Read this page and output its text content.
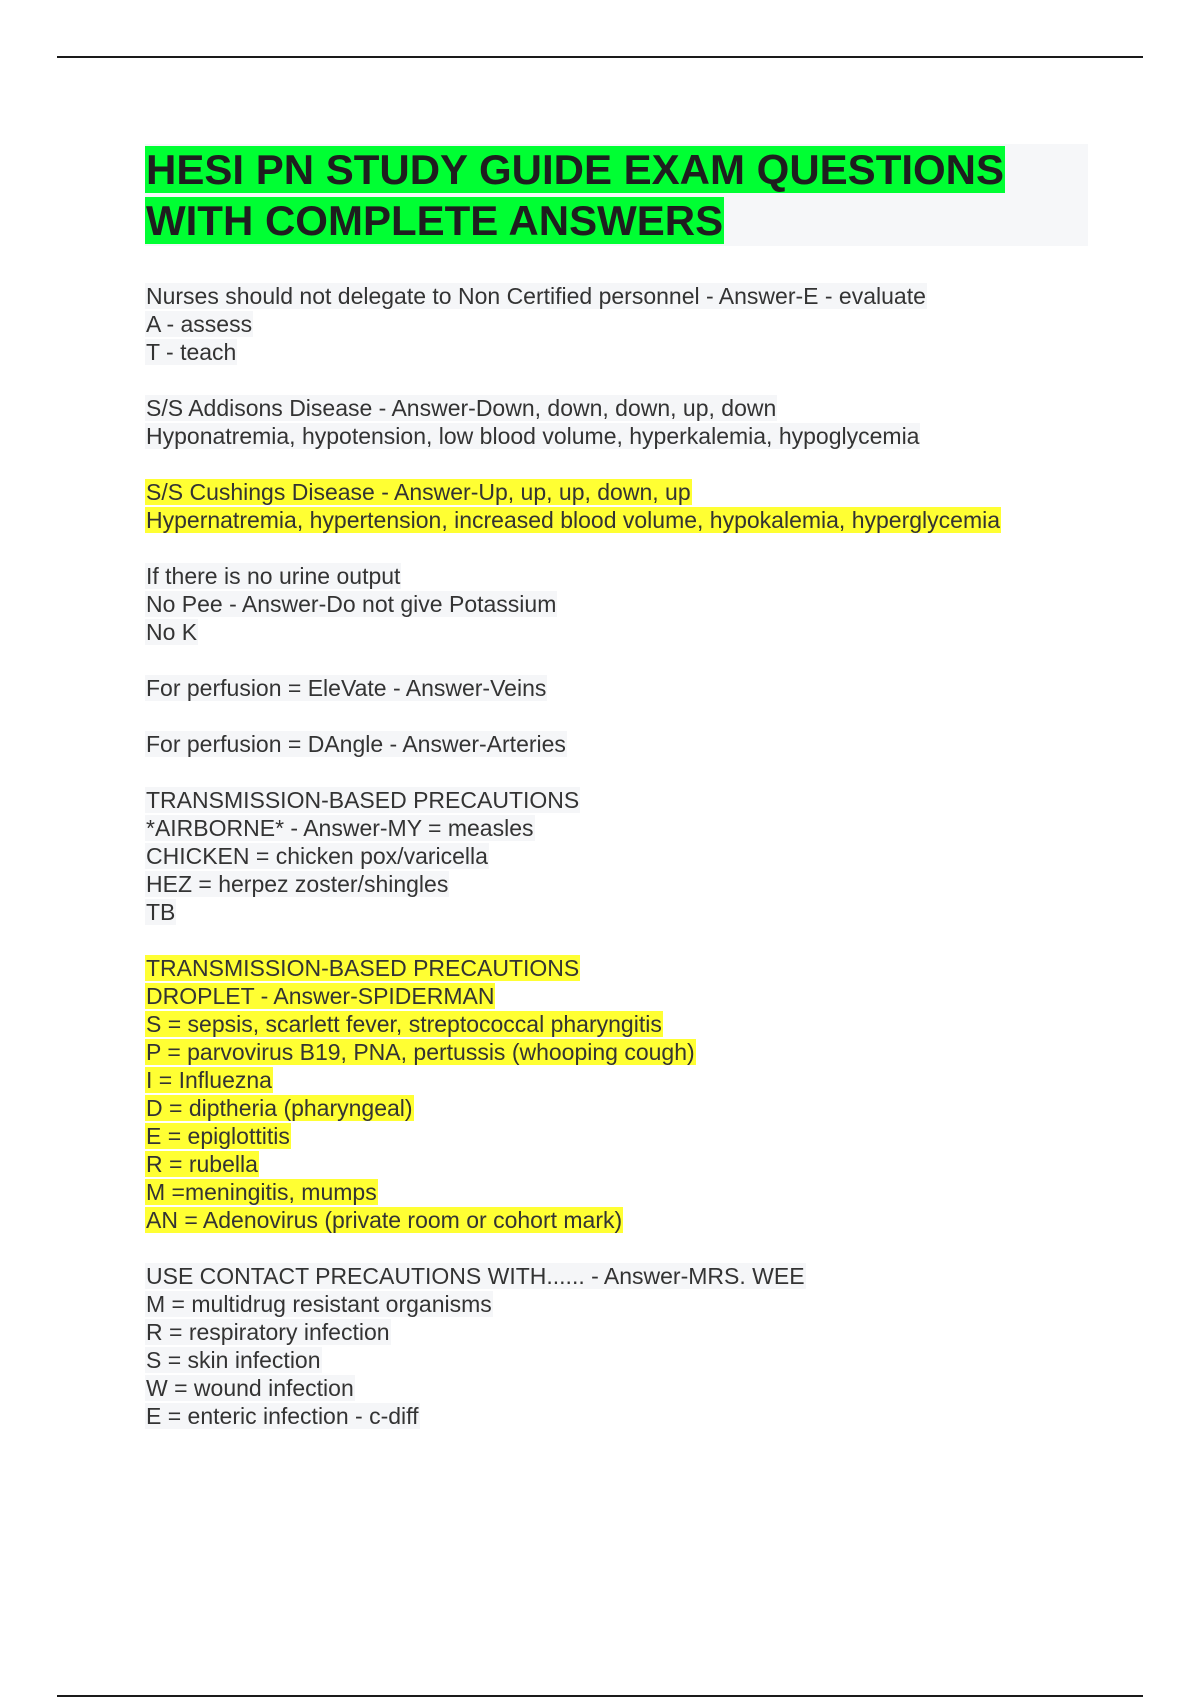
HESI PN STUDY GUIDE EXAM QUESTIONS
WITH COMPLETE ANSWERS
Nurses should not delegate to Non Certified personnel - Answer-E - evaluate
A - assess
T - teach
S/S Addisons Disease - Answer-Down, down, down, up, down
Hyponatremia, hypotension, low blood volume, hyperkalemia, hypoglycemia
S/S Cushings Disease - Answer-Up, up, up, down, up
Hypernatremia, hypertension, increased blood volume, hypokalemia, hyperglycemia
If there is no urine output
No Pee - Answer-Do not give Potassium
No K
For perfusion = EleVate - Answer-Veins
For perfusion = DAngle - Answer-Arteries
TRANSMISSION-BASED PRECAUTIONS
*AIRBORNE* - Answer-MY = measles
CHICKEN = chicken pox/varicella
HEZ = herpez zoster/shingles
TB
TRANSMISSION-BASED PRECAUTIONS
DROPLET - Answer-SPIDERMAN
S = sepsis, scarlett fever, streptococcal pharyngitis
P = parvovirus B19, PNA, pertussis (whooping cough)
I = Influezna
D = diptheria (pharyngeal)
E = epiglottitis
R = rubella
M =meningitis, mumps
AN = Adenovirus (private room or cohort mark)
USE CONTACT PRECAUTIONS WITH...... - Answer-MRS. WEE
M = multidrug resistant organisms
R = respiratory infection
S = skin infection
W = wound infection
E = enteric infection - c-diff
